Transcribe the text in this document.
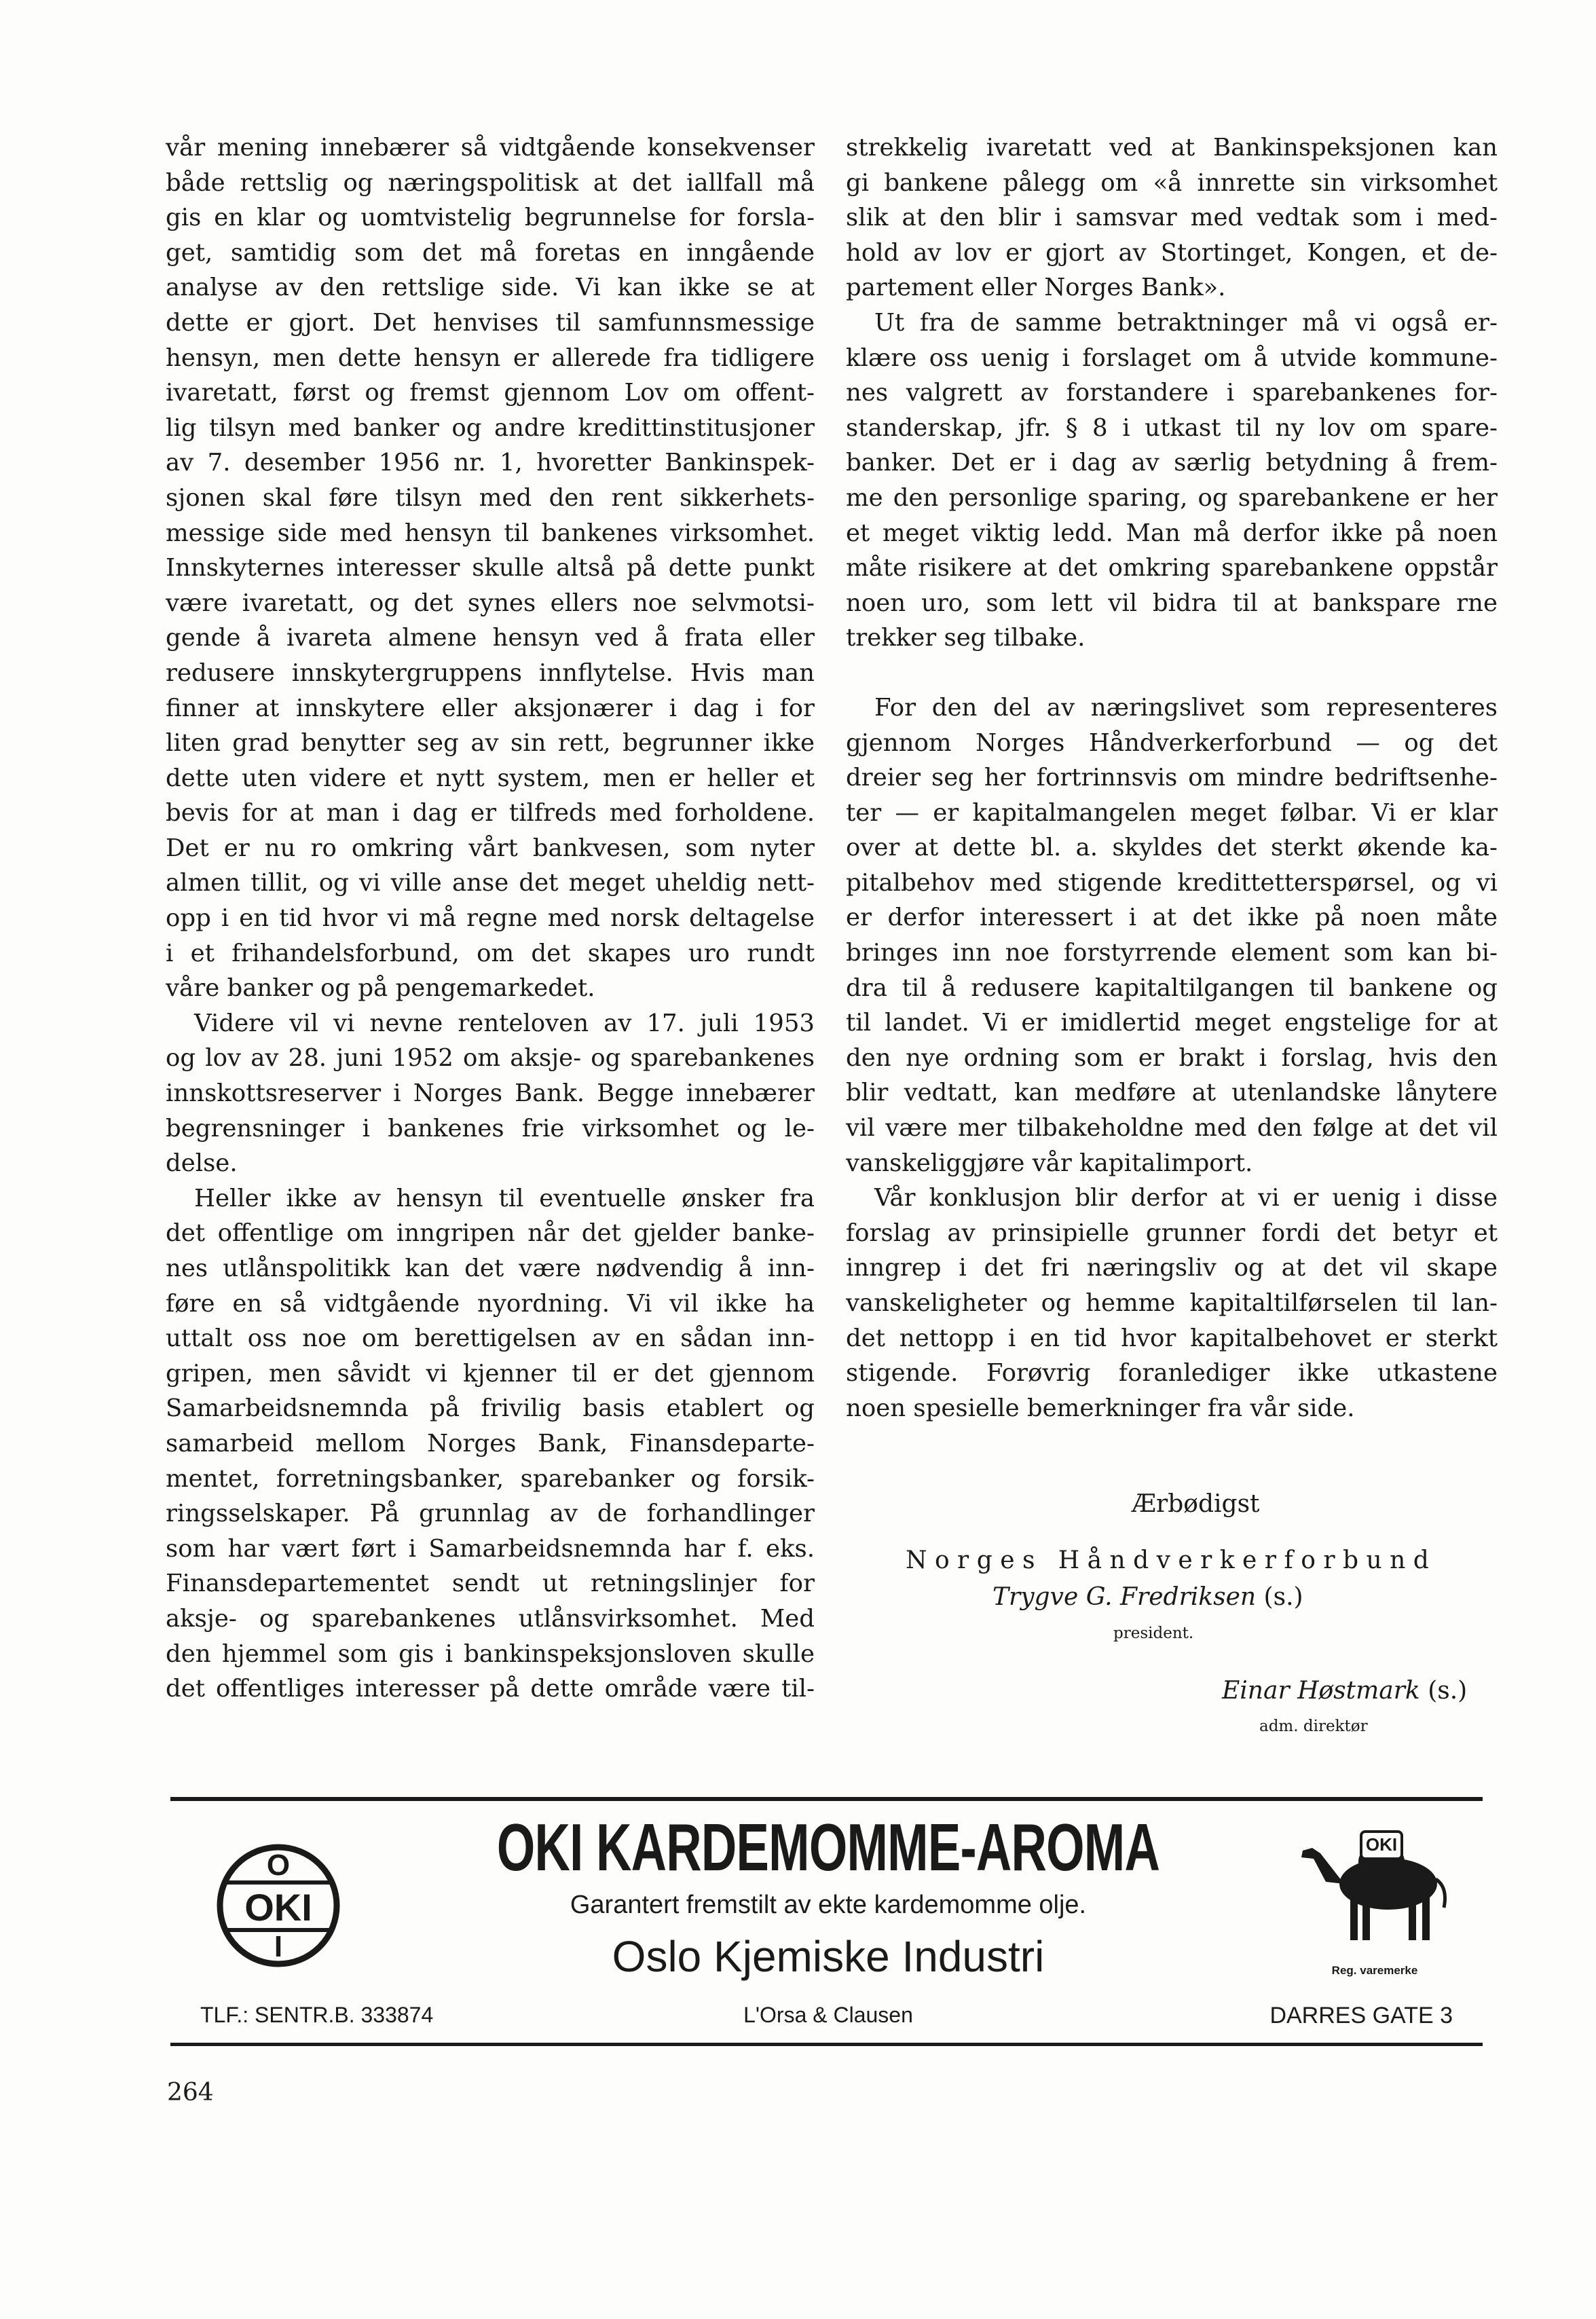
vår mening innebærer så vidtgående konsekvenser

både rettslig og næringspolitisk at det iallfall må

gis en klar og uomtvistelig begrunnelse for forsla-

get, samtidig som det må foretas en inngående

analyse av den rettslige side. Vi kan ikke se at

dette er gjort. Det henvises til samfunnsmessige

hensyn, men dette hensyn er allerede fra tidligere

ivaretatt, først og fremst gjennom Lov om offent-

lig tilsyn med banker og andre kredittinstitusjoner

av 7. desember 1956 nr. 1, hvoretter Bankinspek-

sjonen skal føre tilsyn med den rent sikkerhets-

messige side med hensyn til bankenes virksomhet.

Innskyternes interesser skulle altså på dette punkt

være ivaretatt, og det synes ellers noe selvmotsi-

gende å ivareta almene hensyn ved å frata eller

redusere innskytergruppens innflytelse. Hvis man

finner at innskytere eller aksjonærer i dag i for

liten grad benytter seg av sin rett, begrunner ikke

dette uten videre et nytt system, men er heller et

bevis for at man i dag er tilfreds med forholdene.

Det er nu ro omkring vårt bankvesen, som nyter

almen tillit, og vi ville anse det meget uheldig nett-

opp i en tid hvor vi må regne med norsk deltagelse

i et frihandelsforbund, om det skapes uro rundt

våre banker og på pengemarkedet.

Videre vil vi nevne renteloven av 17. juli 1953

og lov av 28. juni 1952 om aksje- og sparebankenes

innskottsreserver i Norges Bank. Begge innebærer

begrensninger i bankenes frie virksomhet og le-

delse.

Heller ikke av hensyn til eventuelle ønsker fra

det offentlige om inngripen når det gjelder banke-

nes utlånspolitikk kan det være nødvendig å inn-

føre en så vidtgående nyordning. Vi vil ikke ha

uttalt oss noe om berettigelsen av en sådan inn-

gripen, men såvidt vi kjenner til er det gjennom

Samarbeidsnemnda på frivilig basis etablert og

samarbeid mellom Norges Bank, Finansdeparte-

mentet, forretningsbanker, sparebanker og forsik-

ringsselskaper. På grunnlag av de forhandlinger

som har vært ført i Samarbeidsnemnda har f. eks.

Finansdepartementet sendt ut retningslinjer for

aksje- og sparebankenes utlånsvirksomhet. Med

den hjemmel som gis i bankinspeksjonsloven skulle

det offentliges interesser på dette område være til-

strekkelig ivaretatt ved at Bankinspeksjonen kan

gi bankene pålegg om «å innrette sin virksomhet

slik at den blir i samsvar med vedtak som i med-

hold av lov er gjort av Stortinget, Kongen, et de-

partement eller Norges Bank».

Ut fra de samme betraktninger må vi også er-

klære oss uenig i forslaget om å utvide kommune-

nes valgrett av forstandere i sparebankenes for-

standerskap, jfr. § 8 i utkast til ny lov om spare-

banker. Det er i dag av særlig betydning å frem-

me den personlige sparing, og sparebankene er her

et meget viktig ledd. Man må derfor ikke på noen

måte risikere at det omkring sparebankene oppstår

noen uro, som lett vil bidra til at bankspare rne

trekker seg tilbake.

For den del av næringslivet som representeres

gjennom Norges Håndverkerforbund — og det

dreier seg her fortrinnsvis om mindre bedriftsenhe-

ter — er kapitalmangelen meget følbar. Vi er klar

over at dette bl. a. skyldes det sterkt økende ka-

pitalbehov med stigende kredittetterspørsel, og vi

er derfor interessert i at det ikke på noen måte

bringes inn noe forstyrrende element som kan bi-

dra til å redusere kapitaltilgangen til bankene og

til landet. Vi er imidlertid meget engstelige for at

den nye ordning som er brakt i forslag, hvis den

blir vedtatt, kan medføre at utenlandske lånytere

vil være mer tilbakeholdne med den følge at det vil

vanskeliggjøre vår kapitalimport.

Vår konklusjon blir derfor at vi er uenig i disse

forslag av prinsipielle grunner fordi det betyr et

inngrep i det fri næringsliv og at det vil skape

vanskeligheter og hemme kapitaltilførselen til lan-

det nettopp i en tid hvor kapitalbehovet er sterkt

stigende. Forøvrig foranlediger ikke utkastene

noen spesielle bemerkninger fra vår side.

Ærbødigst
N o r g e s   H å n d v e r k e r f o r b u n d
Trygve G. Fredriksen (s.)
president.
Einar Høstmark (s.)
adm. direktør
O
OKI
I
OKI KARDEMOMME-AROMA
Garantert fremstilt av ekte kardemomme olje.
Oslo Kjemiske Industri
OKI
Reg. varemerke
TLF.: SENTR.B. 333874	L'Orsa & Clausen	DARRES GATE 3
264
